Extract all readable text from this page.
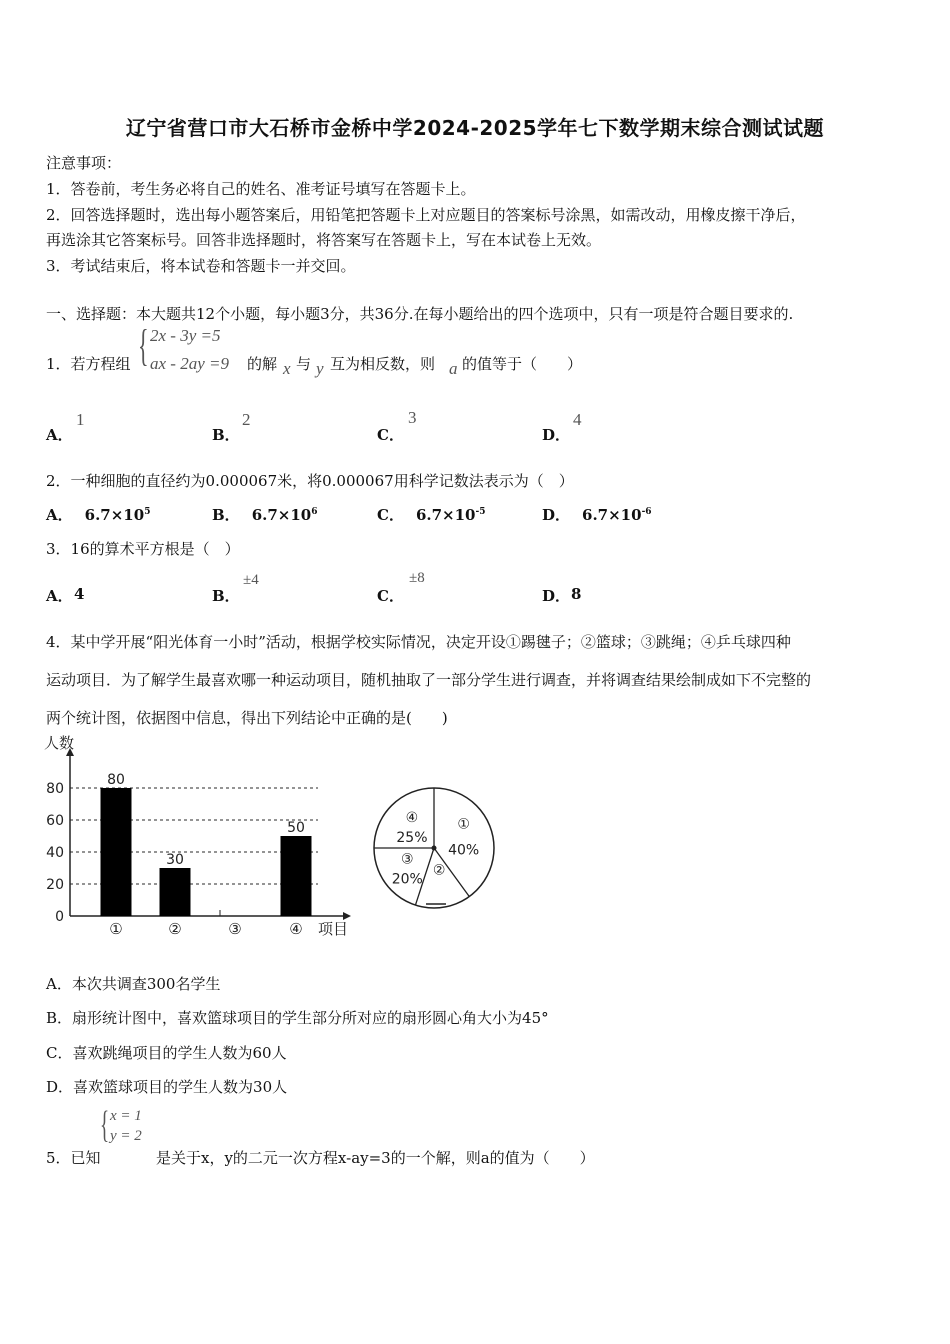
辽宁省营口市大石桥市金桥中学2024-2025学年七下数学期末综合测试试题
注意事项：
1．答卷前，考生务必将自己的姓名、准考证号填写在答题卡上。
2．回答选择题时，选出每小题答案后，用铅笔把答题卡上对应题目的答案标号涂黑，如需改动，用橡皮擦干净后，
再选涂其它答案标号。回答非选择题时，将答案写在答题卡上，写在本试卷上无效。
3．考试结束后，将本试卷和答题卡一并交回。
一、选择题：本大题共12个小题，每小题3分，共36分.在每小题给出的四个选项中，只有一项是符合题目要求的.
1．若方程组 { 2x - 3y =5
ax - 2ay =9 的解 x 与 y 互为相反数，则 a 的值等于（　　）
A．
1
B．
2
C．
3
D．
4
2．一种细胞的直径约为0.000067米，将0.000067用科学记数法表示为（　）
A． $6.7\times 10^5$	B． $6.7\times 10^6$	C． $6.7\times 10^{-5}$	D． $6.7\times 10^{-6}$
3．16的算术平方根是（　）
A． 4	B．
±4
C．
±8
D． 8
4．某中学开展“阳光体育一小时”活动，根据学校实际情况，决定开设①踢毽子；②篮球；③跳绳；④乒乓球四种
运动项目．为了解学生最喜欢哪一种运动项目，随机抽取了一部分学生进行调查，并将调查结果绘制成如下不完整的
两个统计图，依据图中信息，得出下列结论中正确的是(　　)
人数
项目
0
20
40
60
80
①	②	③	④
80
30
50	①
40%
②
③
20%
④
25%
A．本次共调查300名学生
B．扇形统计图中，喜欢篮球项目的学生部分所对应的扇形圆心角大小为45°
C．喜欢跳绳项目的学生人数为60人
D．喜欢篮球项目的学生人数为30人
{ x = 1
y = 2
5．已知	是关于x，y的二元一次方程x-ay=3的一个解，则a的值为（　　）
